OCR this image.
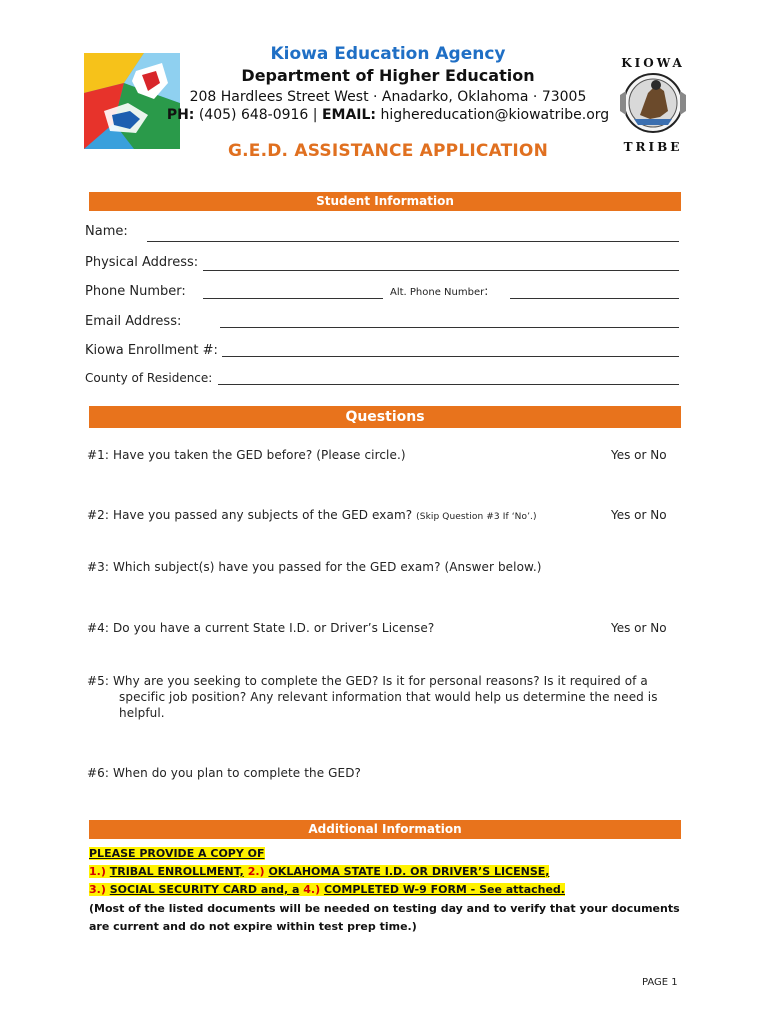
Kiowa Education Agency
Department of Higher Education
208 Hardlees Street West · Anadarko, Oklahoma · 73005
PH: (405) 648-0916 | EMAIL: highereducation@kiowatribe.org
KIOWA
TRIBE
G.E.D. ASSISTANCE APPLICATION
Student Information
Name:
Physical Address:
Phone Number:	Alt. Phone Number:
Email Address:
Kiowa Enrollment #:
County of Residence:
Questions
#1: Have you taken the GED before? (Please circle.)	Yes or No
#2: Have you passed any subjects of the GED exam? (Skip Question #3 If ‘No’.)	Yes or No
#3: Which subject(s) have you passed for the GED exam? (Answer below.)
#4: Do you have a current State I.D. or Driver’s License?	Yes or No
#5: Why are you seeking to complete the GED? Is it for personal reasons? Is it required of a
specific job position? Any relevant information that would help us determine the need is
helpful.
#6: When do you plan to complete the GED?
Additional Information
PLEASE PROVIDE A COPY OF
1.) TRIBAL ENROLLMENT, 2.) OKLAHOMA STATE I.D. OR DRIVER’S LICENSE,
3.) SOCIAL SECURITY CARD and, a 4.) COMPLETED W-9 FORM - See attached.
(Most of the listed documents will be needed on testing day and to verify that your documents
are current and do not expire within test prep time.)
PAGE 1
